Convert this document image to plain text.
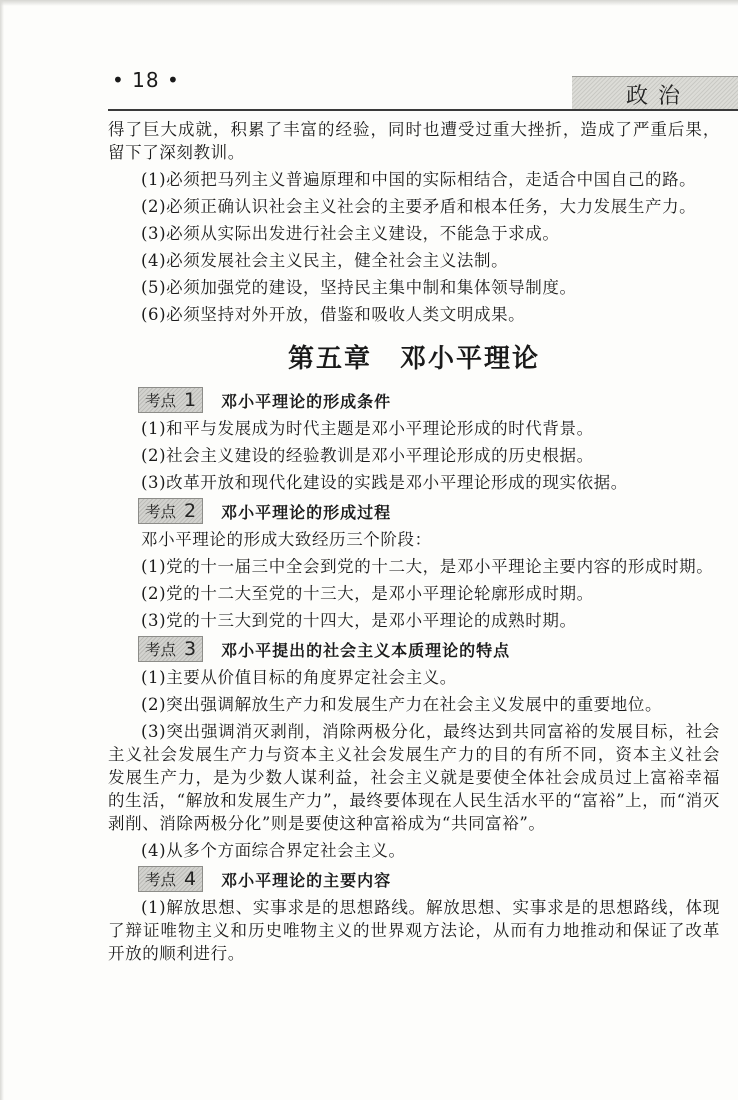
• 18 •
政治

得了巨大成就，积累了丰富的经验，同时也遭受过重大挫折，造成了严重后果，留下了深刻教训。

(1)必须把马列主义普遍原理和中国的实际相结合，走适合中国自己的路。

(2)必须正确认识社会主义社会的主要矛盾和根本任务，大力发展生产力。

(3)必须从实际出发进行社会主义建设，不能急于求成。

(4)必须发展社会主义民主，健全社会主义法制。

(5)必须加强党的建设，坚持民主集中制和集体领导制度。

(6)必须坚持对外开放，借鉴和吸收人类文明成果。

第五章　邓小平理论
考点 1 邓小平理论的形成条件

(1)和平与发展成为时代主题是邓小平理论形成的时代背景。

(2)社会主义建设的经验教训是邓小平理论形成的历史根据。

(3)改革开放和现代化建设的实践是邓小平理论形成的现实依据。

考点 2 邓小平理论的形成过程

邓小平理论的形成大致经历三个阶段：

(1)党的十一届三中全会到党的十二大，是邓小平理论主要内容的形成时期。

(2)党的十二大至党的十三大，是邓小平理论轮廓形成时期。

(3)党的十三大到党的十四大，是邓小平理论的成熟时期。

考点 3 邓小平提出的社会主义本质理论的特点

(1)主要从价值目标的角度界定社会主义。

(2)突出强调解放生产力和发展生产力在社会主义发展中的重要地位。

(3)突出强调消灭剥削，消除两极分化，最终达到共同富裕的发展目标，社会主义社会发展生产力与资本主义社会发展生产力的目的有所不同，资本主义社会发展生产力，是为少数人谋利益，社会主义就是要使全体社会成员过上富裕幸福的生活，“解放和发展生产力”，最终要体现在人民生活水平的“富裕”上，而“消灭剥削、消除两极分化”则是要使这种富裕成为“共同富裕”。

(4)从多个方面综合界定社会主义。

考点 4 邓小平理论的主要内容

(1)解放思想、实事求是的思想路线。解放思想、实事求是的思想路线，体现了辩证唯物主义和历史唯物主义的世界观方法论，从而有力地推动和保证了改革开放的顺利进行。
